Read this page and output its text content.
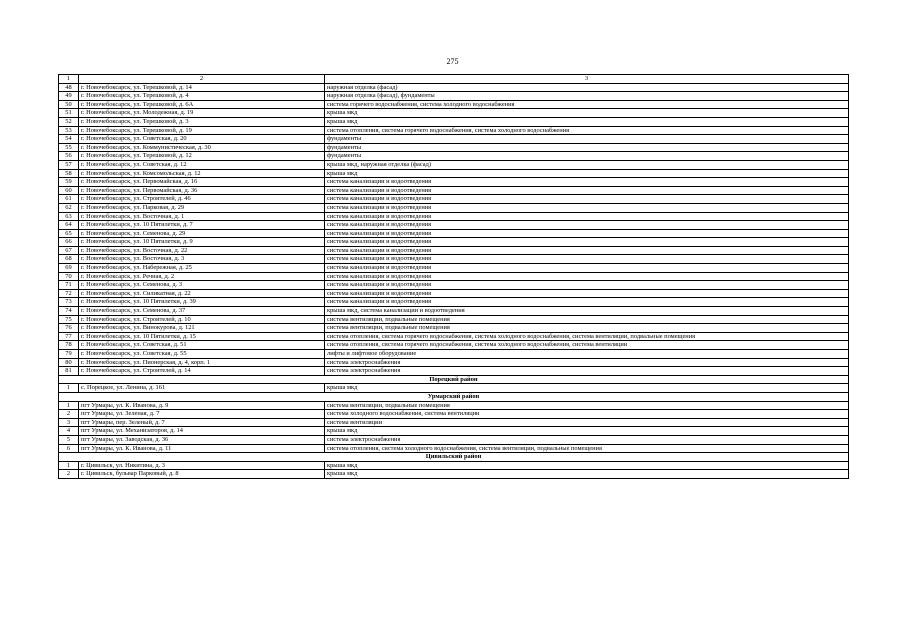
275
1	2	3
48	г. Новочебоксарск, ул. Терешковой, д. 14	наружная отделка (фасад)
49	г. Новочебоксарск, ул. Терешковой, д. 4	наружная отделка (фасад), фундаменты
50	г. Новочебоксарск, ул. Терешковой, д. 6А	система горячего водоснабжения, система холодного водоснабжения
51	г. Новочебоксарск, ул. Молодежная, д. 19	крыша мкд
52	г. Новочебоксарск, ул. Терешковой, д. 3	крыша мкд
53	г. Новочебоксарск, ул. Терешковой, д. 19	система отопления, система горячего водоснабжения, система холодного водоснабжения
54	г. Новочебоксарск, ул. Советская, д. 20	фундаменты
55	г. Новочебоксарск, ул. Коммунистическая, д. 30	фундаменты
56	г. Новочебоксарск, ул. Терешковой, д. 12	фундаменты
57	г. Новочебоксарск, ул. Советская, д. 12	крыша мкд, наружная отделка (фасад)
58	г. Новочебоксарск, ул. Комсомольская, д. 12	крыша мкд
59	г. Новочебоксарск, ул. Первомайская, д. 16	система канализации и водоотведения
60	г. Новочебоксарск, ул. Первомайская, д. 36	система канализации и водоотведения
61	г. Новочебоксарск, ул. Строителей, д. 46	система канализации и водоотведения
62	г. Новочебоксарск, ул. Парковая, д. 29	система канализации и водоотведения
63	г. Новочебоксарск, ул. Восточная, д. 1	система канализации и водоотведения
64	г. Новочебоксарск, ул. 10 Пятилетки, д. 7	система канализации и водоотведения
65	г. Новочебоксарск, ул. Семенова, д. 29	система канализации и водоотведения
66	г. Новочебоксарск, ул. 10 Пятилетки, д. 9	система канализации и водоотведения
67	г. Новочебоксарск, ул. Восточная, д. 22	система канализации и водоотведения
68	г. Новочебоксарск, ул. Восточная, д. 3	система канализации и водоотведения
69	г. Новочебоксарск, ул. Набережная, д. 25	система канализации и водоотведения
70	г. Новочебоксарск, ул. Речная, д. 2	система канализации и водоотведения
71	г. Новочебоксарск, ул. Семенова, д. 3	система канализации и водоотведения
72	г. Новочебоксарск, ул. Силикатная, д. 22	система канализации и водоотведения
73	г. Новочебоксарск, ул. 10 Пятилетки, д. 39	система канализации и водоотведения
74	г. Новочебоксарск, ул. Семенова, д. 37	крыша мкд, система канализации и водоотведения
75	г. Новочебоксарск, ул. Строителей, д. 10	система вентиляции, подвальные помещения
76	г. Новочебоксарск, ул. Винокурова, д. 121	система вентиляции, подвальные помещения
77	г. Новочебоксарск, ул. 10 Пятилетки, д. 15	система отопления, система горячего водоснабжения, система холодного водоснабжения, система вентиляции, подвальные помещения
78	г. Новочебоксарск, ул. Советская, д. 51	система отопления, система горячего водоснабжения, система холодного водоснабжения, система вентиляции
79	г. Новочебоксарск, ул. Советская, д. 55	лифты и лифтовое оборудование
80	г. Новочебоксарск, ул. Пионерская, д. 4, корп. 1	система электроснабжения
81	г. Новочебоксарск, ул. Строителей, д. 14	система электроснабжения
Порецкий район		
1	с. Порецкое, ул. Ленина, д. 161	крыша мкд
Урмарский район		
1	пгт Урмары, ул. К. Иванова, д. 9	система вентиляции, подвальные помещения
2	пгт Урмары, ул. Зеленая, д. 7	система холодного водоснабжения, система вентиляции
3	пгт Урмары, пер. Зеленый, д. 7	система вентиляции
4	пгт Урмары, ул. Механизаторов, д. 14	крыша мкд
5	пгт Урмары, ул. Заводская, д. 36	система электроснабжения
6	пгт Урмары, ул. К. Иванова, д. 11	система отопления, система холодного водоснабжения, система вентиляции, подвальные помещения
Цивильский район		
1	г. Цивильск, ул. Никитина, д. 3	крыша мкд
2	г. Цивильск, бульвар Парковый, д. 8	крыша мкд
